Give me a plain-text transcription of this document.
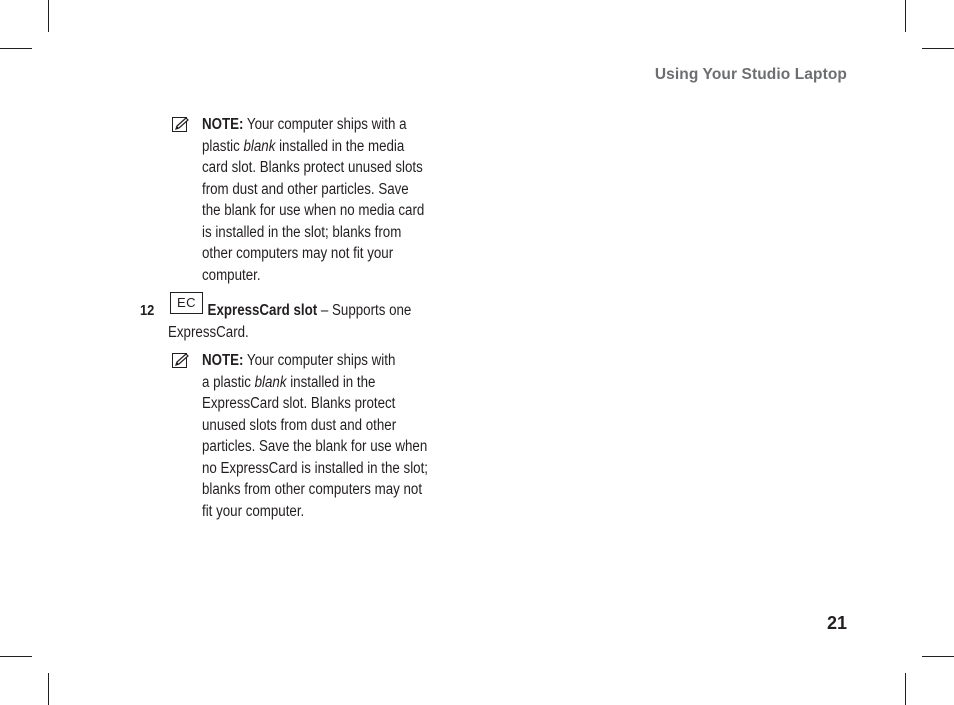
Using Your Studio Laptop
NOTE: Your computer ships with a
plastic blank installed in the media
card slot. Blanks protect unused slots
from dust and other particles. Save
the blank for use when no media card
is installed in the slot; blanks from
other computers may not fit your
computer.
12	EC ExpressCard slot – Supports one
ExpressCard.
NOTE: Your computer ships with
a plastic blank installed in the
ExpressCard slot. Blanks protect
unused slots from dust and other
particles. Save the blank for use when
no ExpressCard is installed in the slot;
blanks from other computers may not
fit your computer.
21
